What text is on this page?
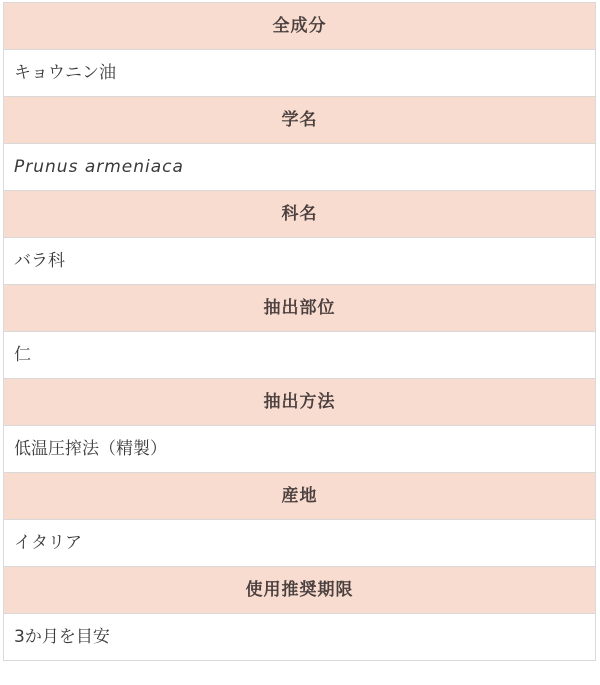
全成分
キョウニン油
学名
Prunus armeniaca
科名
バラ科
抽出部位
仁
抽出方法
低温圧搾法（精製）
産地
イタリア
使用推奨期限
3か月を目安
